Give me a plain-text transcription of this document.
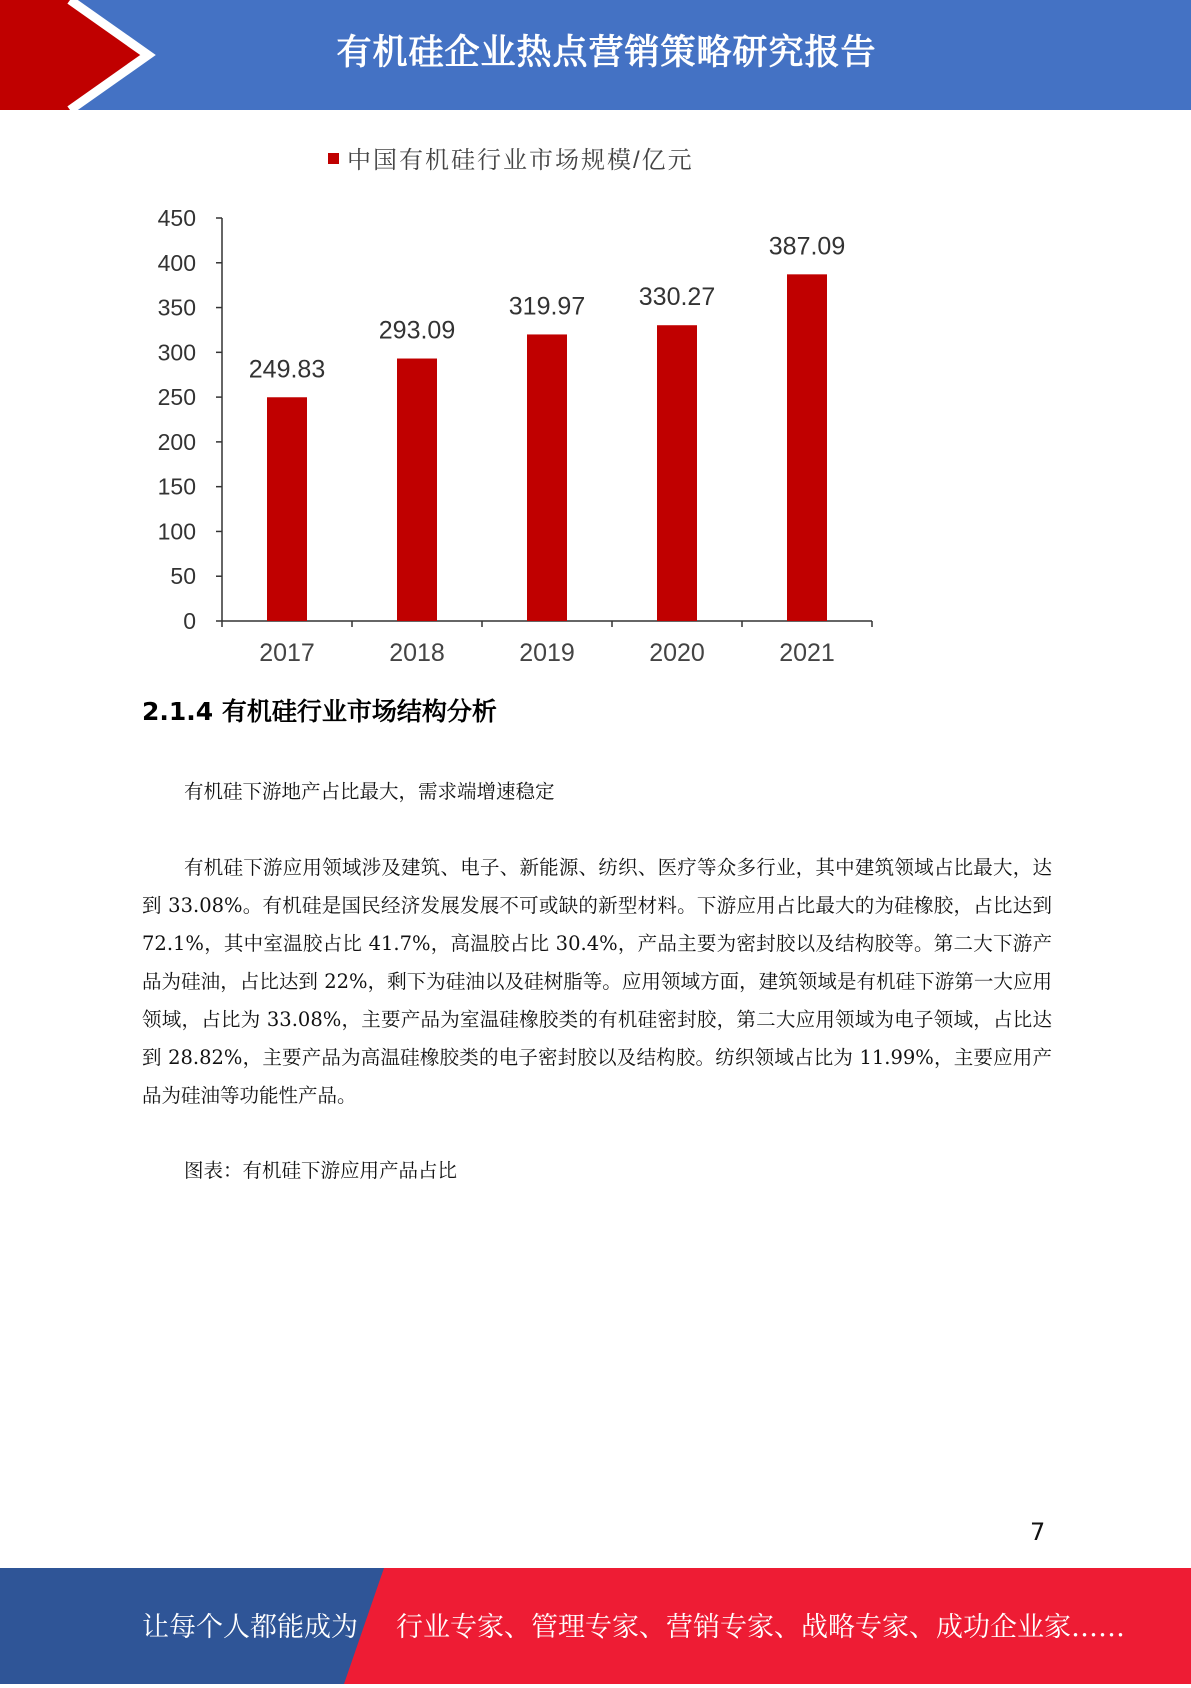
有机硅企业热点营销策略研究报告
中国有机硅行业市场规模/亿元
0
50
100
150
200
250
300
350
400
450
249.83
2017
293.09
2018
319.97
2019
330.27
2020
387.09
2021
2.1.4 有机硅行业市场结构分析

有机硅下游地产占比最大，需求端增速稳定

有机硅下游应用领域涉及建筑、电子、新能源、纺织、医疗等众多行业，其中建筑领域占比最大，达到 33.08%。有机硅是国民经济发展发展不可或缺的新型材料。下游应用占比最大的为硅橡胶，占比达到 72.1%，其中室温胶占比 41.7%，高温胶占比 30.4%，产品主要为密封胶以及结构胶等。第二大下游产品为硅油，占比达到 22%，剩下为硅油以及硅树脂等。应用领域方面，建筑领域是有机硅下游第一大应用领域，占比为 33.08%，主要产品为室温硅橡胶类的有机硅密封胶，第二大应用领域为电子领域，占比达到 28.82%，主要产品为高温硅橡胶类的电子密封胶以及结构胶。纺织领域占比为 11.99%，主要应用产品为硅油等功能性产品。

图表：有机硅下游应用产品占比

7
让每个人都能成为 行业专家、管理专家、营销专家、战略专家、成功企业家……
